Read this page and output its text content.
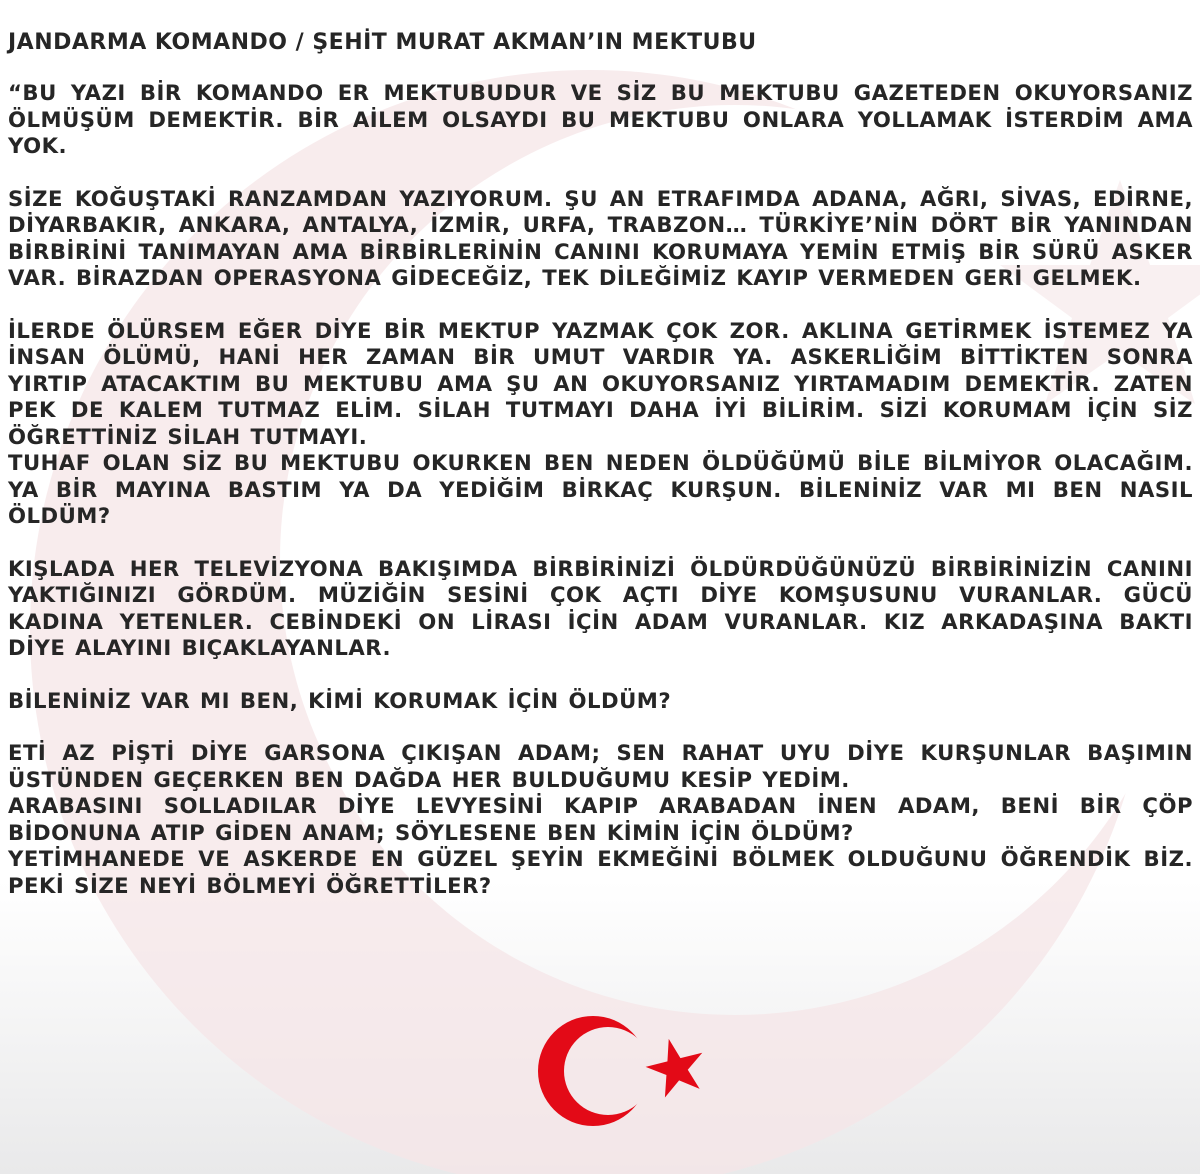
JANDARMA KOMANDO / ŞEHİT MURAT AKMAN’IN MEKTUBU

“BU YAZI BİR KOMANDO ER MEKTUBUDUR VE SİZ BU MEKTUBU GAZETEDEN OKUYORSANIZ ÖLMÜŞÜM DEMEKTİR. BİR AİLEM OLSAYDI BU MEKTUBU ONLARA YOLLAMAK İSTERDİM AMA YOK.

SİZE KOĞUŞTAKİ RANZAMDAN YAZIYORUM. ŞU AN ETRAFIMDA ADANA, AĞRI, SİVAS, EDİRNE, DİYARBAKIR, ANKARA, ANTALYA, İZMİR, URFA, TRABZON… TÜRKİYE’NİN DÖRT BİR YANINDAN BİRBİRİNİ TANIMAYAN AMA BİRBİRLERİNİN CANINI KORUMAYA YEMİN ETMİŞ BİR SÜRÜ ASKER VAR. BİRAZDAN OPERASYONA GİDECEĞİZ, TEK DİLEĞİMİZ KAYIP VERMEDEN GERİ GELMEK.

İLERDE ÖLÜRSEM EĞER DİYE BİR MEKTUP YAZMAK ÇOK ZOR. AKLINA GETİRMEK İSTEMEZ YA İNSAN ÖLÜMÜ, HANİ HER ZAMAN BİR UMUT VARDIR YA. ASKERLİĞİM BİTTİKTEN SONRA YIRTIP ATACAKTIM BU MEKTUBU AMA ŞU AN OKUYORSANIZ YIRTAMADIM DEMEKTİR. ZATEN PEK DE KALEM TUTMAZ ELİM. SİLAH TUTMAYI DAHA İYİ BİLİRİM. SİZİ KORUMAM İÇİN SİZ ÖĞRETTİNİZ SİLAH TUTMAYI.

TUHAF OLAN SİZ BU MEKTUBU OKURKEN BEN NEDEN ÖLDÜĞÜMÜ BİLE BİLMİYOR OLACAĞIM. YA BİR MAYINA BASTIM YA DA YEDİĞİM BİRKAÇ KURŞUN. BİLENİNİZ VAR MI BEN NASIL ÖLDÜM?

KIŞLADA HER TELEVİZYONA BAKIŞIMDA BİRBİRİNİZİ ÖLDÜRDÜĞÜNÜZÜ BİRBİRİNİZİN CANINI YAKTIĞINIZI GÖRDÜM. MÜZİĞİN SESİNİ ÇOK AÇTI DİYE KOMŞUSUNU VURANLAR. GÜCÜ KADINA YETENLER. CEBİNDEKİ ON LİRASI İÇİN ADAM VURANLAR. KIZ ARKADAŞINA BAKTI DİYE ALAYINI BIÇAKLAYANLAR.

BİLENİNİZ VAR MI BEN, KİMİ KORUMAK İÇİN ÖLDÜM?

ETİ AZ PİŞTİ DİYE GARSONA ÇIKIŞAN ADAM; SEN RAHAT UYU DİYE KURŞUNLAR BAŞIMIN ÜSTÜNDEN GEÇERKEN BEN DAĞDA HER BULDUĞUMU KESİP YEDİM.

ARABASINI SOLLADILAR DİYE LEVYESİNİ KAPIP ARABADAN İNEN ADAM, BENİ BİR ÇÖP BİDONUNA ATIP GİDEN ANAM; SÖYLESENE BEN KİMİN İÇİN ÖLDÜM?

YETİMHANEDE VE ASKERDE EN GÜZEL ŞEYİN EKMEĞİNİ BÖLMEK OLDUĞUNU ÖĞRENDİK BİZ. PEKİ SİZE NEYİ BÖLMEYİ ÖĞRETTİLER?
